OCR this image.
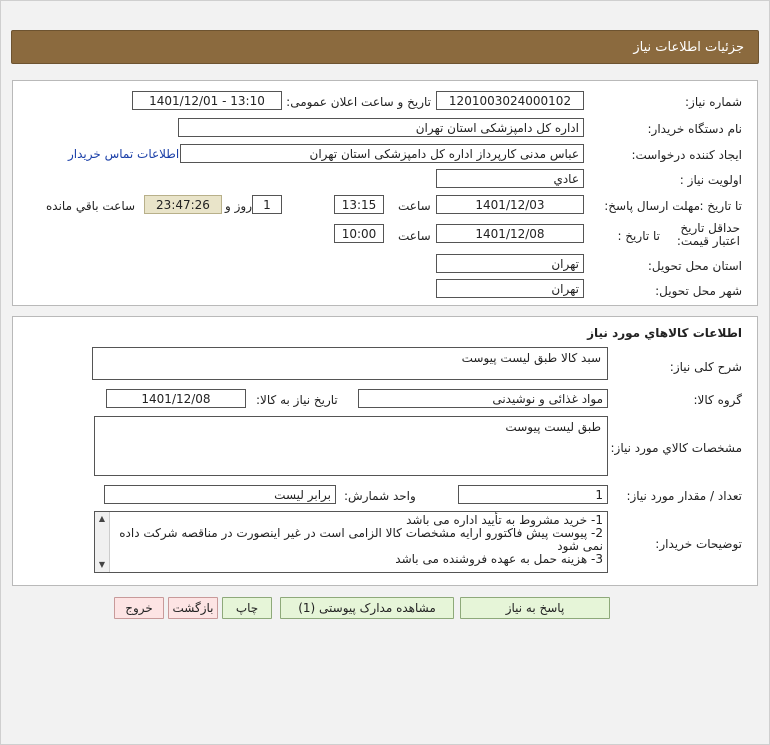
جزئیات اطلاعات نیاز
شماره نیاز:
1201003024000102
تاریخ و ساعت اعلان عمومی:
1401/12/01 - 13:10
نام دستگاه خریدار:
اداره کل دامپزشکی استان تهران
ایجاد کننده درخواست:
عباس مدنی کارپرداز اداره کل دامپزشکی استان تهران
اطلاعات تماس خریدار
اولویت نیاز :
عادي
مهلت ارسال پاسخ: تا تاریخ :
1401/12/03
ساعت
13:15
1
روز و
23:47:26
ساعت باقي مانده
حداقل تاریخ اعتبار قیمت:
تا تاریخ :
1401/12/08
ساعت
10:00
استان محل تحویل:
تهران
شهر محل تحویل:
تهران
اطلاعات كالاهاي مورد نياز
شرح کلی نیاز:
سبد کالا طبق لیست پیوست
گروه کالا:
مواد غذائی و نوشیدنی
تاریخ نیاز به کالا:
1401/12/08
مشخصات کالاي مورد نياز:
طبق لیست پیوست
تعداد / مقدار مورد نیاز:
1
واحد شمارش:
برابر لیست
توضیحات خریدار:
▲
▼
1- خرید مشروط به تأیید اداره می باشد
2- پیوست پیش فاکتورو ارایه مشخصات کالا الزامی است در غیر اینصورت در مناقصه شرکت داده نمی شود
3- هزینه حمل به عهده فروشنده می باشد
پاسخ به نیاز
مشاهده مدارک پیوستی (1)
چاپ
بازگشت
خروج
